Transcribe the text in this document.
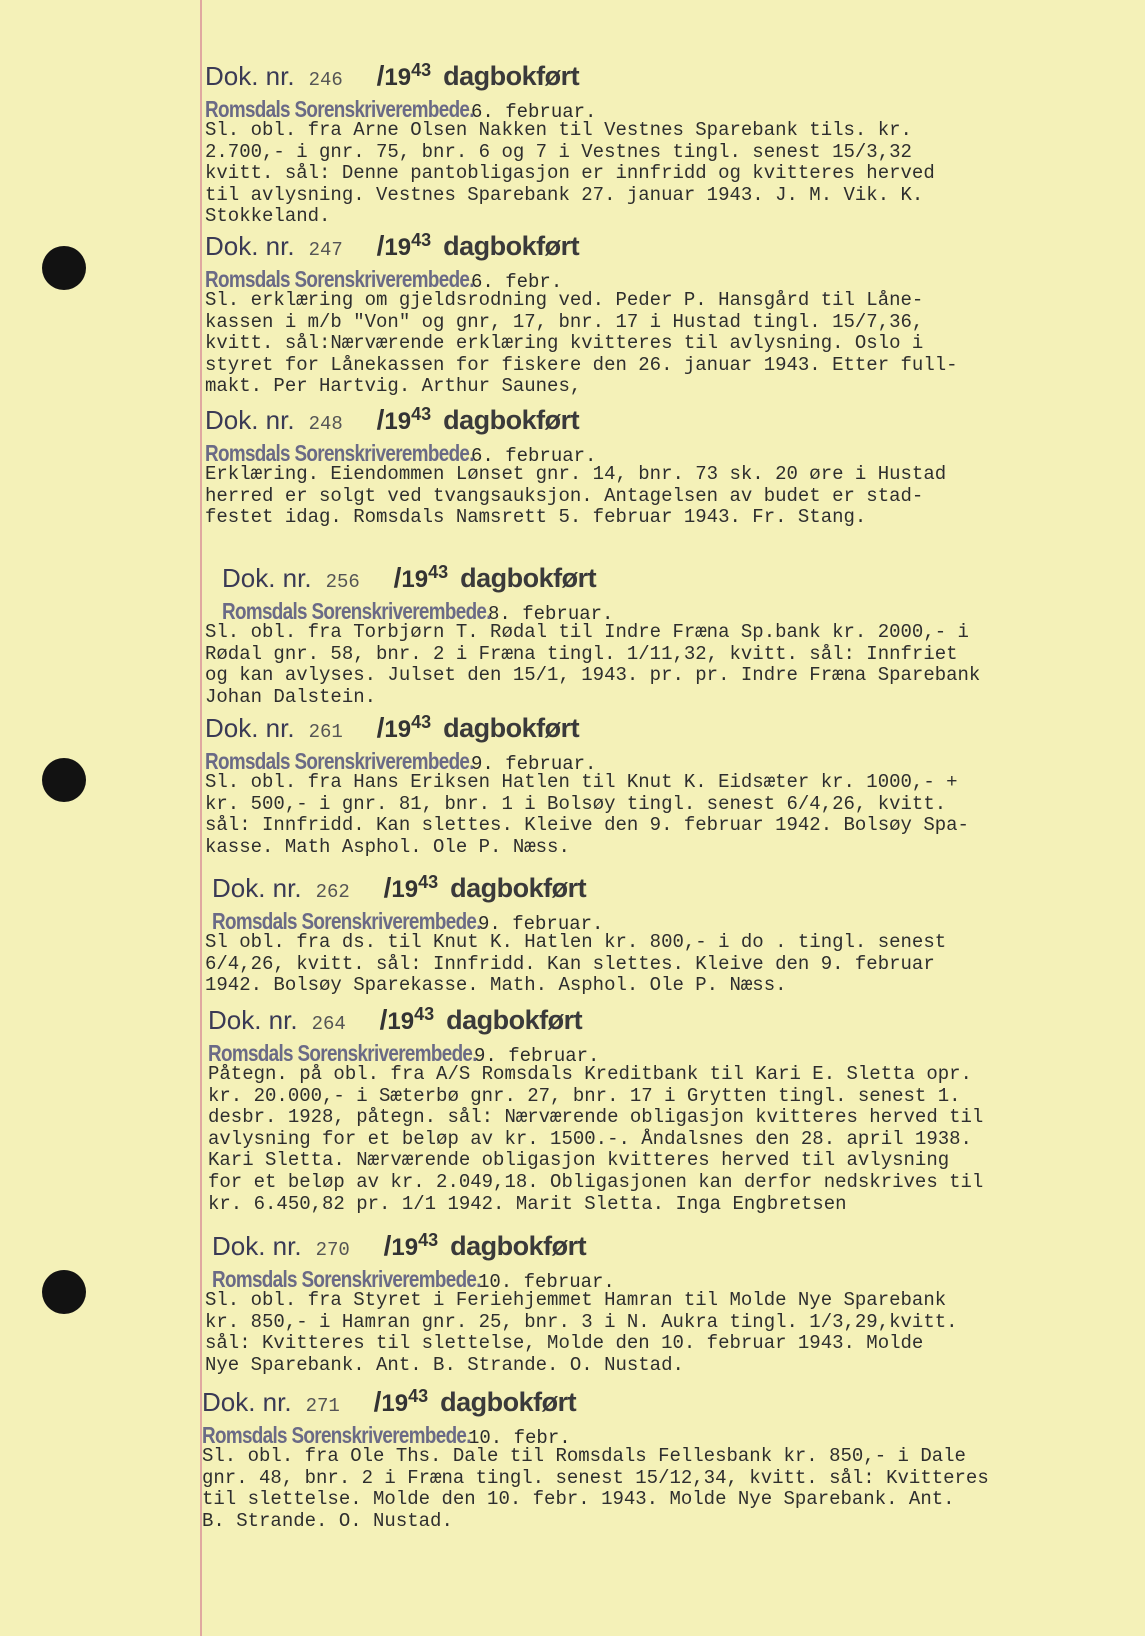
Dok. nr. 246	/ $19^{43}$ dagbokført
Romsdals Sorenskriverembede.
6. februar.
Sl. obl. fra Arne Olsen Nakken til Vestnes Sparebank tils. kr.
2.700,- i gnr. 75, bnr. 6 og 7 i Vestnes tingl. senest 15/3,32
kvitt. sål: Denne pantobligasjon er innfridd og kvitteres herved
til avlysning. Vestnes Sparebank 27. januar 1943. J. M. Vik. K.
Stokkeland.
Dok. nr. 247	/ $19^{43}$ dagbokført
Romsdals Sorenskriverembede.
6. febr.
Sl. erklæring om gjeldsrodning ved. Peder P. Hansgård til Låne-
kassen i m/b "Von" og gnr, 17, bnr. 17 i Hustad tingl. 15/7,36,
kvitt. sål:Nærværende erklæring kvitteres til avlysning. Oslo i
styret for Lånekassen for fiskere den 26. januar 1943. Etter full-
makt. Per Hartvig. Arthur Saunes,
Dok. nr. 248	/ $19^{43}$ dagbokført
Romsdals Sorenskriverembede.
6. februar.
Erklæring. Eiendommen Lønset gnr. 14, bnr. 73 sk. 20 øre i Hustad
herred er solgt ved tvangsauksjon. Antagelsen av budet er stad-
festet idag. Romsdals Namsrett 5. februar 1943. Fr. Stang.
Dok. nr. 256	/ $19^{43}$ dagbokført
Romsdals Sorenskriverembede.
8. februar.
Sl. obl. fra Torbjørn T. Rødal til Indre Fræna Sp.bank kr. 2000,- i
Rødal gnr. 58, bnr. 2 i Fræna tingl. 1/11,32, kvitt. sål: Innfriet
og kan avlyses. Julset den 15/1, 1943. pr. pr. Indre Fræna Sparebank
Johan Dalstein.
Dok. nr. 261	/ $19^{43}$ dagbokført
Romsdals Sorenskriverembede.
9. februar.
Sl. obl. fra Hans Eriksen Hatlen til Knut K. Eidsæter kr. 1000,- +
kr. 500,- i gnr. 81, bnr. 1 i Bolsøy tingl. senest 6/4,26, kvitt.
sål: Innfridd. Kan slettes. Kleive den 9. februar 1942. Bolsøy Spa-
kasse. Math Asphol. Ole P. Næss.
Dok. nr. 262	/ $19^{43}$ dagbokført
Romsdals Sorenskriverembede.
9. februar.
Sl obl. fra ds. til Knut K. Hatlen kr. 800,- i do . tingl. senest
6/4,26, kvitt. sål: Innfridd. Kan slettes. Kleive den 9. februar
1942. Bolsøy Sparekasse. Math. Asphol. Ole P. Næss.
Dok. nr. 264	/ $19^{43}$ dagbokført
Romsdals Sorenskriverembede.
9. februar.
Påtegn. på obl. fra A/S Romsdals Kreditbank til Kari E. Sletta opr.
kr. 20.000,- i Sæterbø gnr. 27, bnr. 17 i Grytten tingl. senest 1.
desbr. 1928, påtegn. sål: Nærværende obligasjon kvitteres herved til
avlysning for et beløp av kr. 1500.-. Åndalsnes den 28. april 1938.
Kari Sletta. Nærværende obligasjon kvitteres herved til avlysning
for et beløp av kr. 2.049,18. Obligasjonen kan derfor nedskrives til
kr. 6.450,82 pr. 1/1 1942. Marit Sletta. Inga Engbretsen
Dok. nr. 270	/ $19^{43}$ dagbokført
Romsdals Sorenskriverembede.
10. februar.
Sl. obl. fra Styret i Feriehjemmet Hamran til Molde Nye Sparebank
kr. 850,- i Hamran gnr. 25, bnr. 3 i N. Aukra tingl. 1/3,29,kvitt.
sål: Kvitteres til slettelse, Molde den 10. februar 1943. Molde
Nye Sparebank. Ant. B. Strande. O. Nustad.
Dok. nr. 271	/ $19^{43}$ dagbokført
Romsdals Sorenskriverembede.
10. febr.
Sl. obl. fra Ole Ths. Dale til Romsdals Fellesbank kr. 850,- i Dale
gnr. 48, bnr. 2 i Fræna tingl. senest 15/12,34, kvitt. sål: Kvitteres
til slettelse. Molde den 10. febr. 1943. Molde Nye Sparebank. Ant.
B. Strande. O. Nustad.
